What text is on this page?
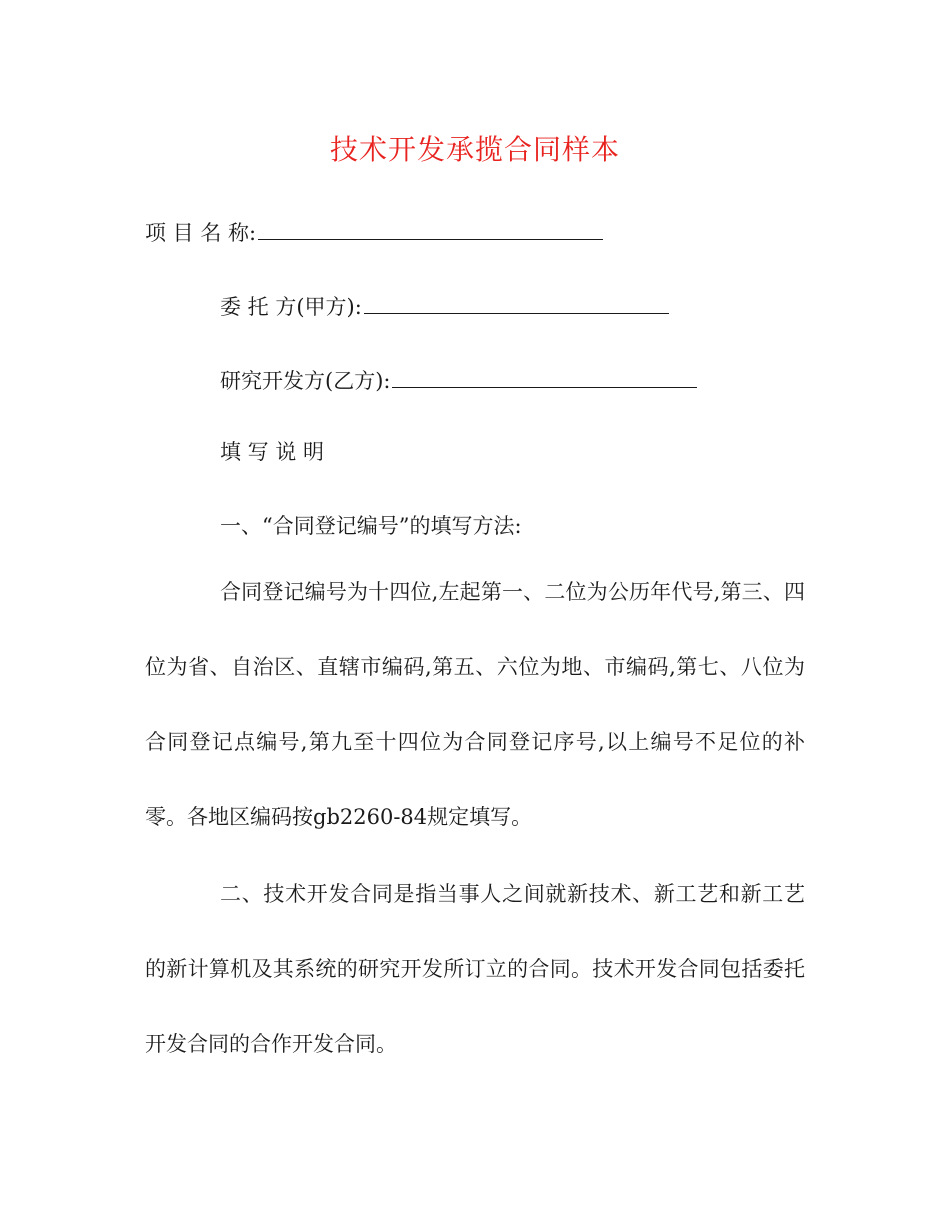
技术开发承揽合同样本
项 目 名 称:
委 托 方(甲方):
研究开发方(乙方):
填 写 说 明
一、“合同登记编号”的填写方法:

合同登记编号为十四位,左起第一、二位为公历年代号,第三、四位为省、自治区、直辖市编码,第五、六位为地、市编码,第七、八位为合同登记点编号,第九至十四位为合同登记序号,以上编号不足位的补零。各地区编码按gb2260-84规定填写。

二、技术开发合同是指当事人之间就新技术、新工艺和新工艺的新计算机及其系统的研究开发所订立的合同。技术开发合同包括委托开发合同的合作开发合同。
